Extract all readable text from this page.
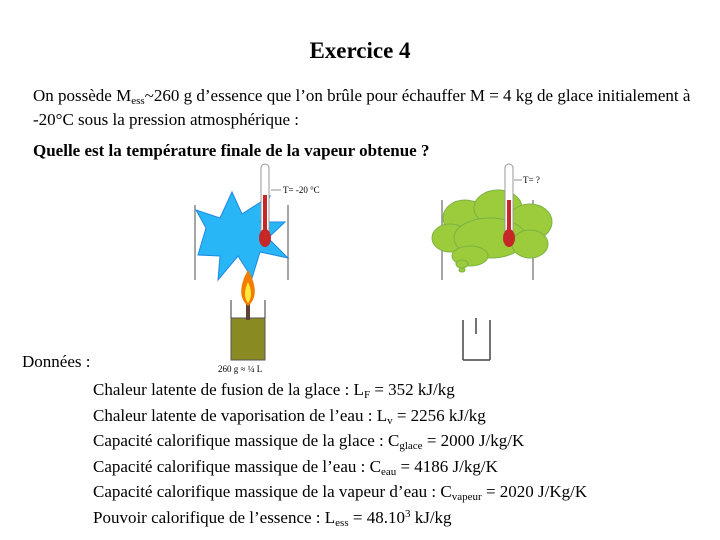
Exercice 4
On possède $M_{ess}\sim 260$ g d’essence que l’on brûle pour échauffer M = 4 kg de glace initialement à -20°C sous la pression atmosphérique :
Quelle est la température finale de la vapeur obtenue ?
T= -20 °C
260 g ≈ ¼ L
T= ?
Données :
Chaleur latente de fusion de la glace : $L_F = 352$ kJ/kg
Chaleur latente de vaporisation de l’eau : $L_v = 2256$ kJ/kg
Capacité calorifique massique de la glace : $C_{glace} = 2000$ J/kg/K
Capacité calorifique massique de l’eau : $C_{eau} = 4186$ J/kg/K
Capacité calorifique massique de la vapeur d’eau : $C_{vapeur} = 2020$ J/Kg/K
Pouvoir calorifique de l’essence : $L_{ess} = 48.10^3$ kJ/kg
